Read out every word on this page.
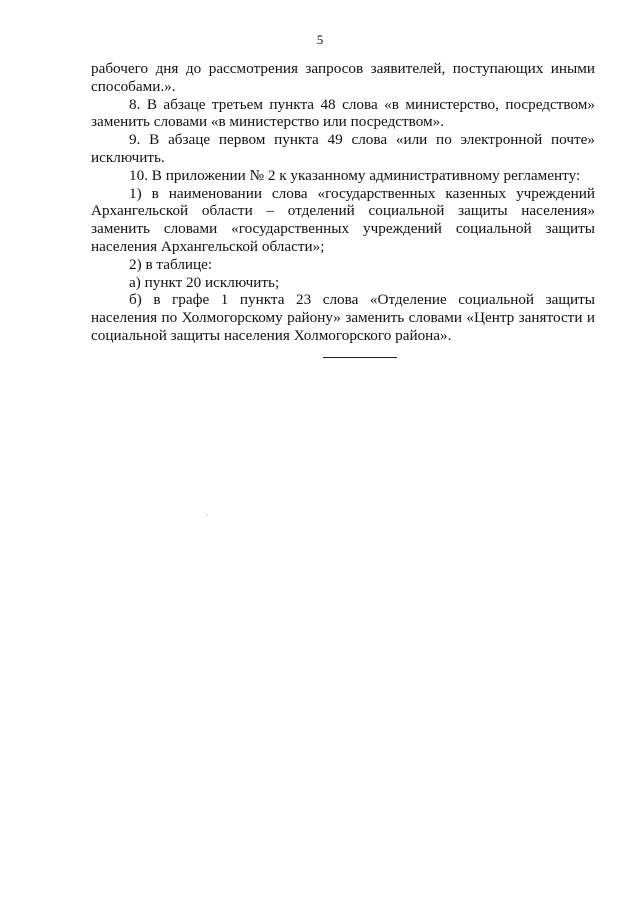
5

рабочего дня до рассмотрения запросов заявителей, поступающих иными способами.».

8. В абзаце третьем пункта 48 слова «в министерство, посредством» заменить словами «в министерство или посредством».

9. В абзаце первом пункта 49 слова «или по электронной почте» исключить.

10. В приложении № 2 к указанному административному регламенту:

1) в наименовании слова «государственных казенных учреждений Архангельской области – отделений социальной защиты населения» заменить словами «государственных учреждений социальной защиты населения Архангельской области»;

2) в таблице:

а) пункт 20 исключить;

б) в графе 1 пункта 23 слова «Отделение социальной защиты населения по Холмогорскому району» заменить словами «Центр занятости и социальной защиты населения Холмогорского района».
